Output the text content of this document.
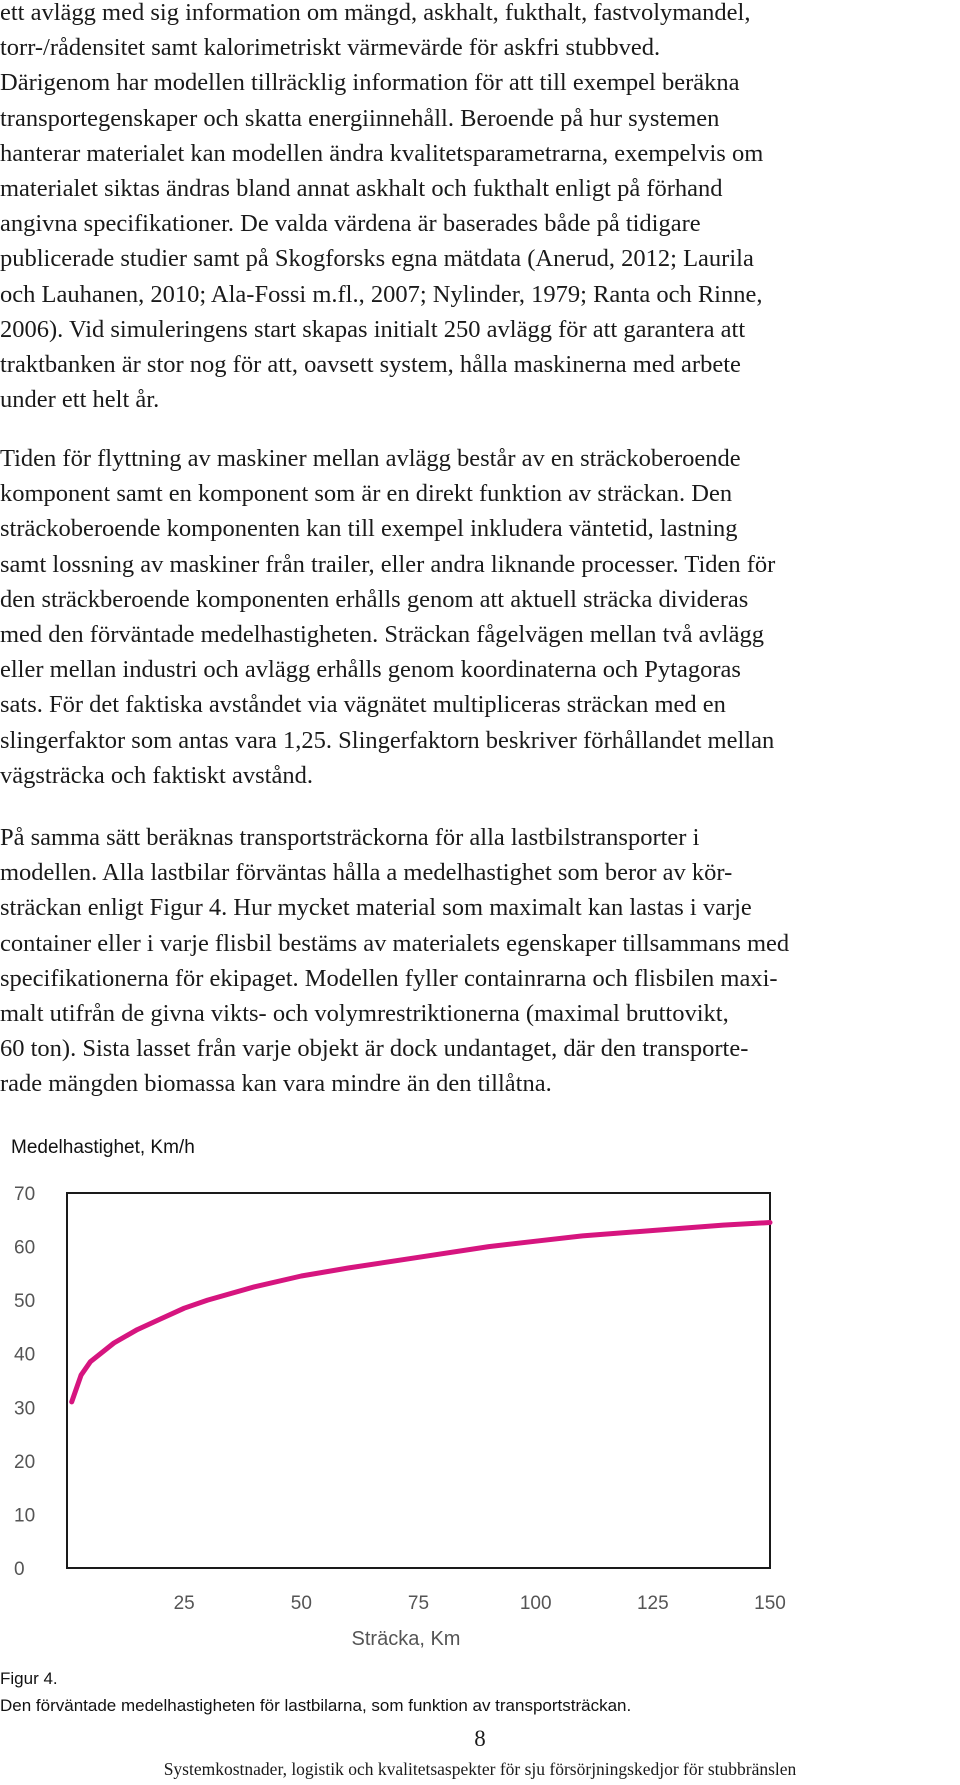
ett avlägg med sig information om mängd, askhalt, fukthalt, fastvolymandel,
torr-/rådensitet samt kalorimetriskt värmevärde för askfri stubbved.
Därigenom har modellen tillräcklig information för att till exempel beräkna
transportegenskaper och skatta energiinnehåll. Beroende på hur systemen
hanterar materialet kan modellen ändra kvalitetsparametrarna, exempelvis om
materialet siktas ändras bland annat askhalt och fukthalt enligt på förhand
angivna specifikationer. De valda värdena är baserades både på tidigare
publicerade studier samt på Skogforsks egna mätdata (Anerud, 2012; Laurila
och Lauhanen, 2010; Ala-Fossi m.fl., 2007; Nylinder, 1979; Ranta och Rinne,
2006). Vid simuleringens start skapas initialt 250 avlägg för att garantera att
traktbanken är stor nog för att, oavsett system, hålla maskinerna med arbete
under ett helt år.
Tiden för flyttning av maskiner mellan avlägg består av en sträckoberoende
komponent samt en komponent som är en direkt funktion av sträckan. Den
sträckoberoende komponenten kan till exempel inkludera väntetid, lastning
samt lossning av maskiner från trailer, eller andra liknande processer. Tiden för
den sträckberoende komponenten erhålls genom att aktuell sträcka divideras
med den förväntade medelhastigheten. Sträckan fågelvägen mellan två avlägg
eller mellan industri och avlägg erhålls genom koordinaterna och Pytagoras
sats. För det faktiska avståndet via vägnätet multipliceras sträckan med en
slingerfaktor som antas vara 1,25. Slingerfaktorn beskriver förhållandet mellan
vägsträcka och faktiskt avstånd.
På samma sätt beräknas transportsträckorna för alla lastbilstransporter i
modellen. Alla lastbilar förväntas hålla a medelhastighet som beror av kör-
sträckan enligt Figur 4. Hur mycket material som maximalt kan lastas i varje
container eller i varje flisbil bestäms av materialets egenskaper tillsammans med
specifikationerna för ekipaget. Modellen fyller containrarna och flisbilen maxi-
malt utifrån de givna vikts- och volymrestriktionerna (maximal bruttovikt,
60 ton). Sista lasset från varje objekt är dock undantaget, där den transporte-
rade mängden biomassa kan vara mindre än den tillåtna.
Medelhastighet, Km/h
0
10
20
30
40
50
60
70
25	50	75	100	125	150
Sträcka, Km
Figur 4.
Den förväntade medelhastigheten för lastbilarna, som funktion av transportsträckan.
8
Systemkostnader, logistik och kvalitetsaspekter för sju försörjningskedjor för stubbränslen
